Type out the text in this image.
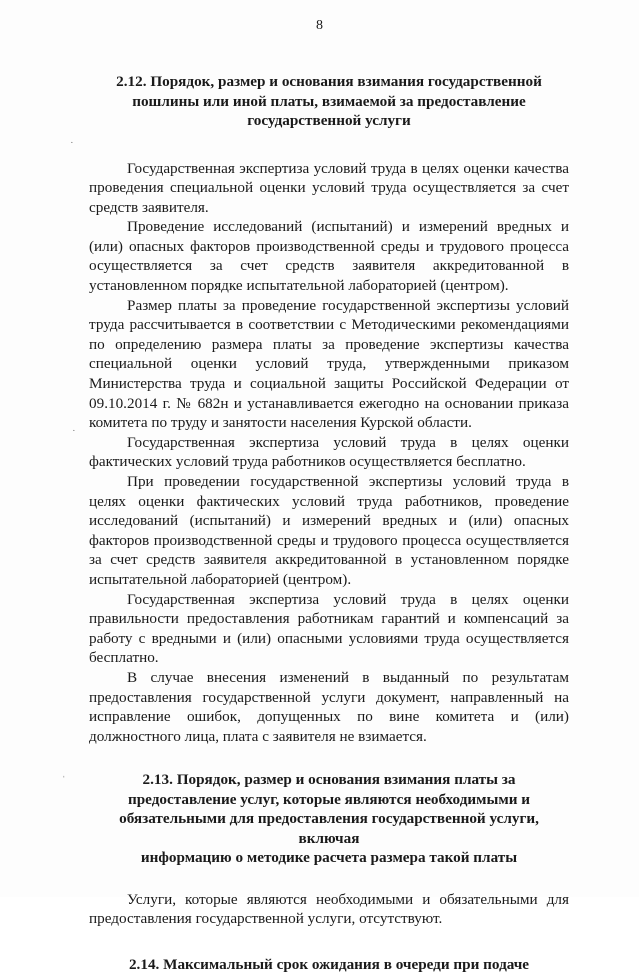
8
˙
˙
ˌ
2.12. Порядок, размер и основания взимания государственной
пошлины или иной платы, взимаемой за предоставление
государственной услуги

Государственная экспертиза условий труда в целях оценки качества проведения специальной оценки условий труда осуществляется за счет средств заявителя.

Проведение исследований (испытаний) и измерений вредных и (или) опасных факторов производственной среды и трудового процесса осуществляется за счет средств заявителя аккредитованной в установленном порядке испытательной лабораторией (центром).

Размер платы за проведение государственной экспертизы условий труда рассчитывается в соответствии с Методическими рекомендациями по определению размера платы за проведение экспертизы качества специальной оценки условий труда, утвержденными приказом Министерства труда и социальной защиты Российской Федерации от 09.10.2014 г. № 682н и устанавливается ежегодно на основании приказа комитета по труду и занятости населения Курской области.

Государственная экспертиза условий труда в целях оценки фактических условий труда работников осуществляется бесплатно.

При проведении государственной экспертизы условий труда в целях оценки фактических условий труда работников, проведение исследований (испытаний) и измерений вредных и (или) опасных факторов производственной среды и трудового процесса осуществляется за счет средств заявителя аккредитованной в установленном порядке испытательной лабораторией (центром).

Государственная экспертиза условий труда в целях оценки правильности предоставления работникам гарантий и компенсаций за работу с вредными и (или) опасными условиями труда осуществляется бесплатно.

В случае внесения изменений в выданный по результатам предоставления государственной услуги документ, направленный на исправление ошибок, допущенных по вине комитета и (или) должностного лица, плата с заявителя не взимается.

2.13. Порядок, размер и основания взимания платы за
предоставление услуг, которые являются необходимыми и
обязательными для предоставления государственной услуги, включая
информацию о методике расчета размера такой платы

Услуги, которые являются необходимыми и обязательными для предоставления государственной услуги, отсутствуют.

2.14. Максимальный срок ожидания в очереди при подаче
